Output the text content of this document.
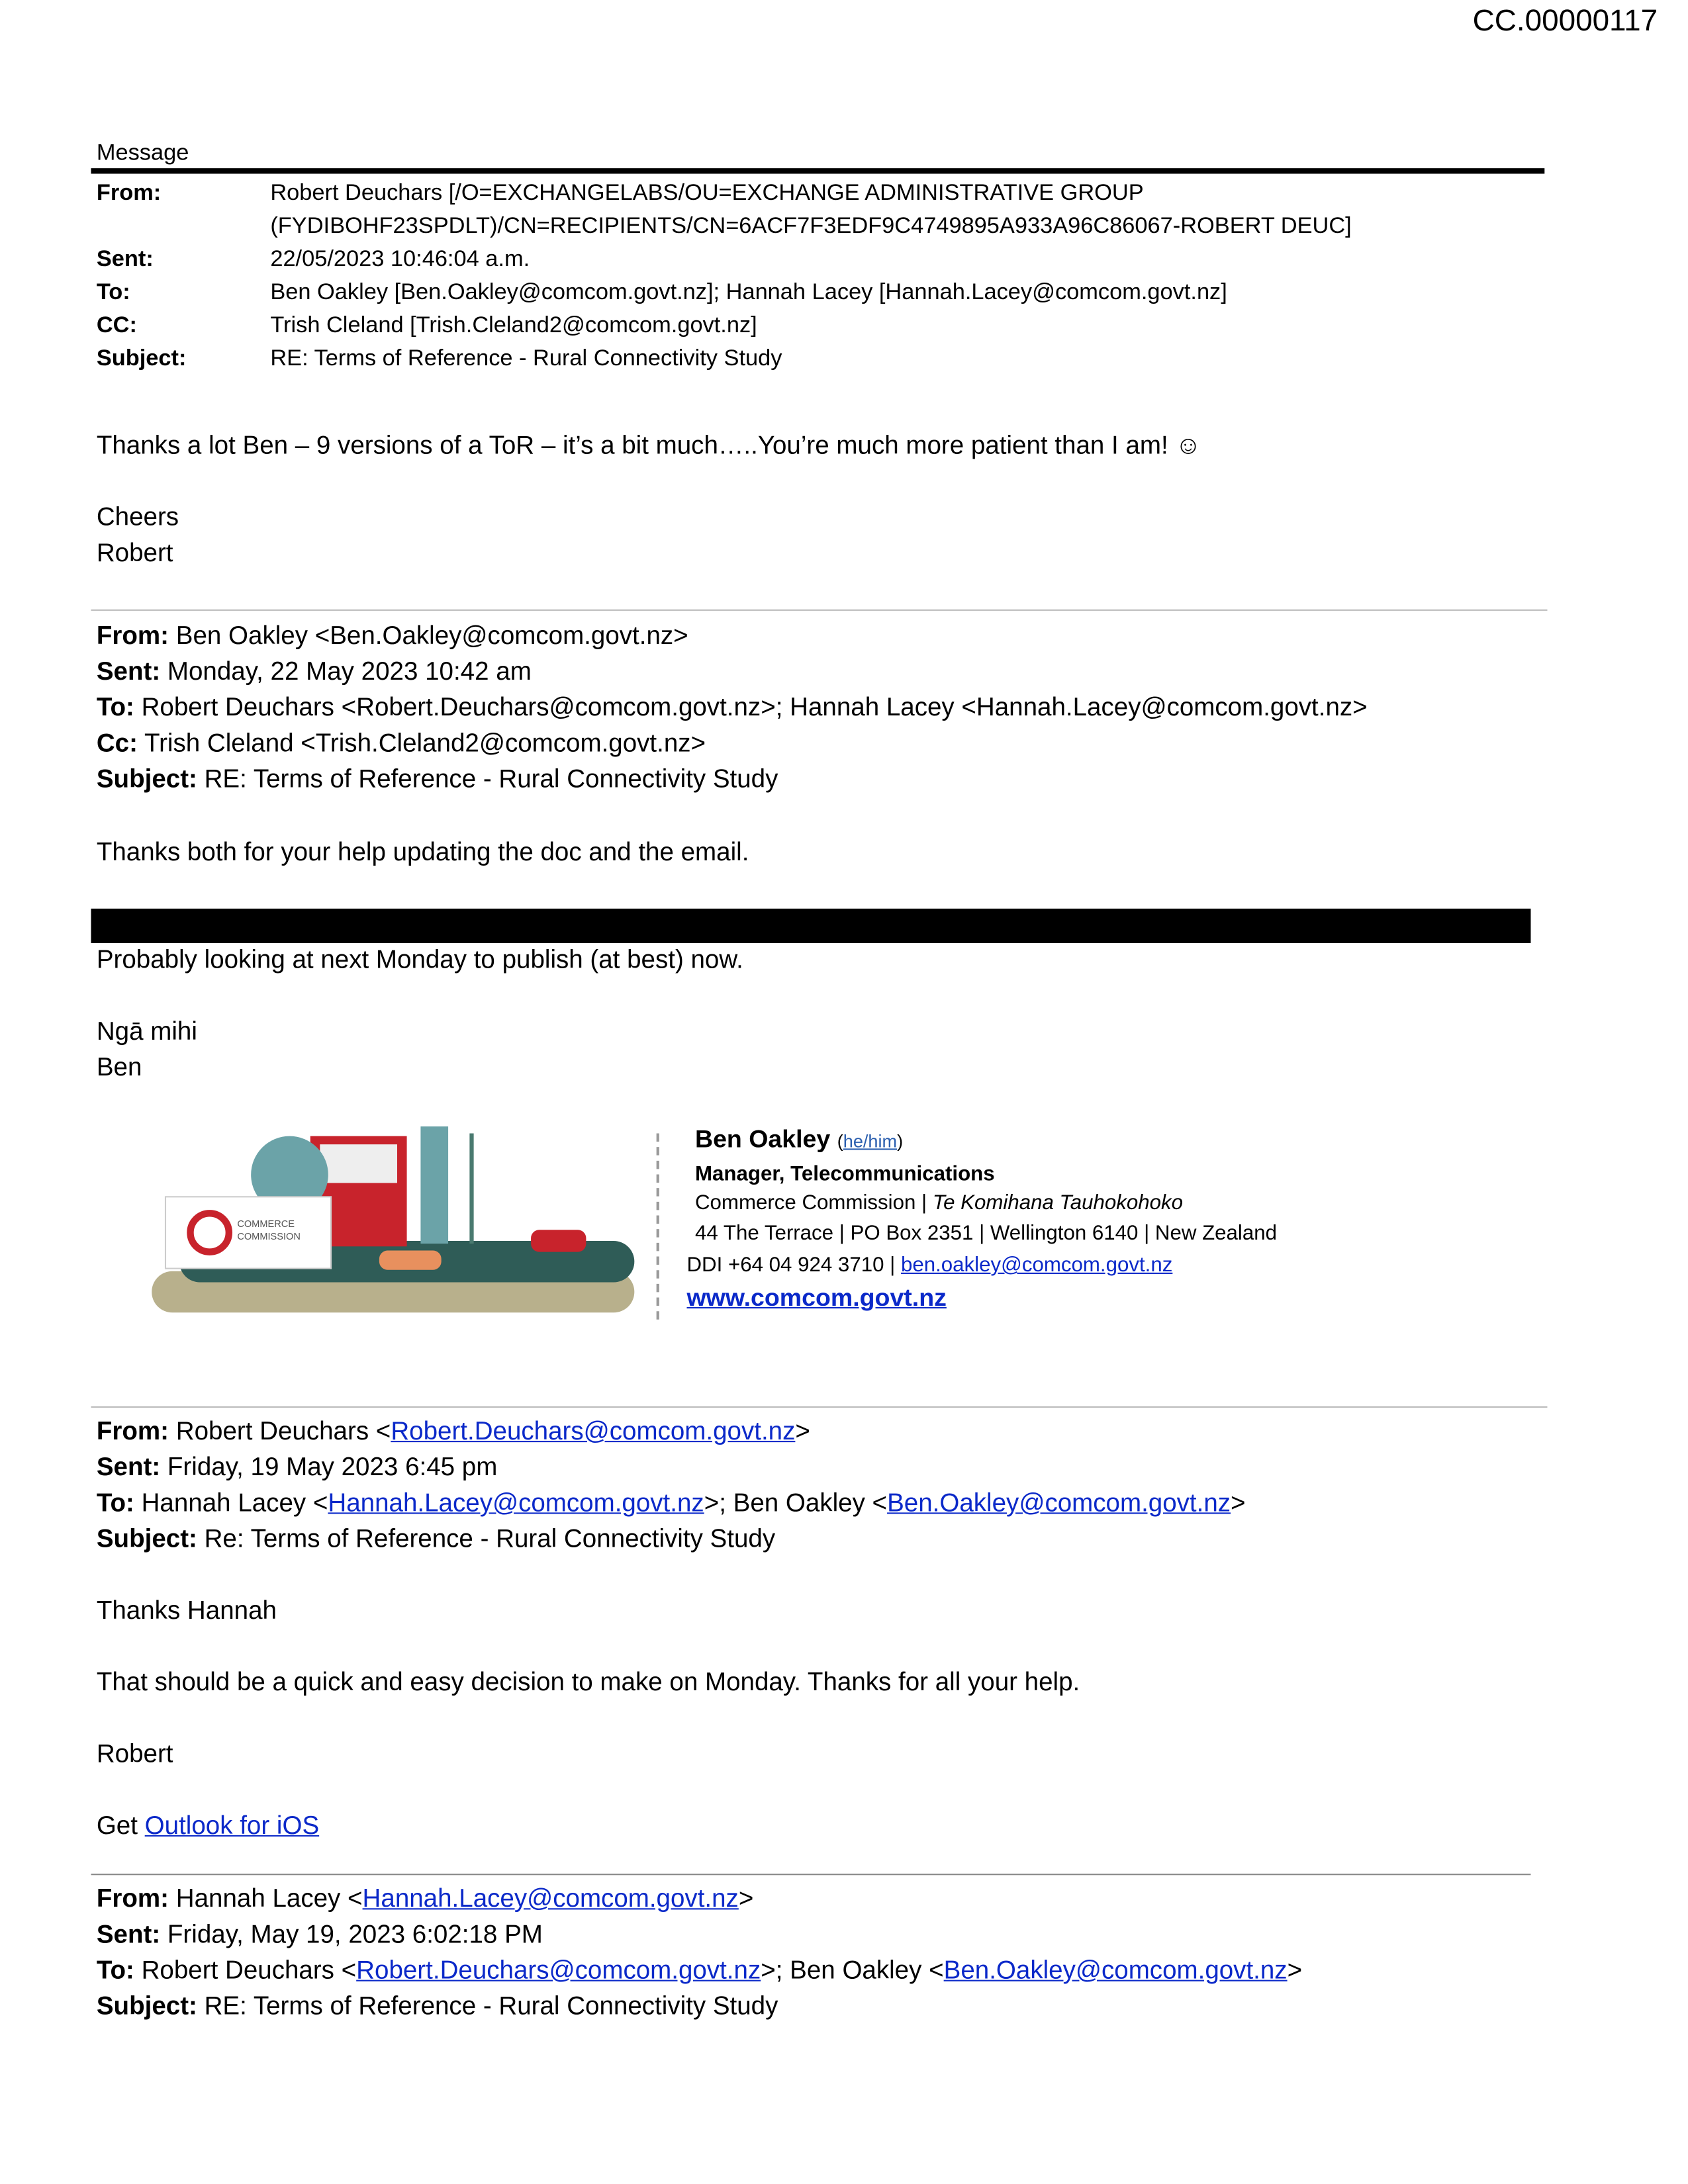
CC.00000117
Message
From:	Robert Deuchars [/O=EXCHANGELABS/OU=EXCHANGE ADMINISTRATIVE GROUP
(FYDIBOHF23SPDLT)/CN=RECIPIENTS/CN=6ACF7F3EDF9C4749895A933A96C86067-ROBERT DEUC]
Sent:	22/05/2023 10:46:04 a.m.
To:	Ben Oakley [Ben.Oakley@comcom.govt.nz]; Hannah Lacey [Hannah.Lacey@comcom.govt.nz]
CC:	Trish Cleland [Trish.Cleland2@comcom.govt.nz]
Subject:	RE: Terms of Reference - Rural Connectivity Study
Thanks a lot Ben – 9 versions of a ToR – it’s a bit much…..You’re much more patient than I am! ☺
Cheers
Robert
From: Ben Oakley <Ben.Oakley@comcom.govt.nz>
Sent: Monday, 22 May 2023 10:42 am
To: Robert Deuchars <Robert.Deuchars@comcom.govt.nz>; Hannah Lacey <Hannah.Lacey@comcom.govt.nz>
Cc: Trish Cleland <Trish.Cleland2@comcom.govt.nz>
Subject: RE: Terms of Reference - Rural Connectivity Study
Thanks both for your help updating the doc and the email.
Probably looking at next Monday to publish (at best) now.
Ngā mihi
Ben
COMMERCE
COMMISSION
Ben Oakley (he/him)
Manager, Telecommunications
Commerce Commission | Te Komihana Tauhokohoko
44 The Terrace | PO Box 2351 | Wellington 6140 | New Zealand
DDI +64 04 924 3710 | ben.oakley@comcom.govt.nz
www.comcom.govt.nz
From: Robert Deuchars <Robert.Deuchars@comcom.govt.nz>
Sent: Friday, 19 May 2023 6:45 pm
To: Hannah Lacey <Hannah.Lacey@comcom.govt.nz>; Ben Oakley <Ben.Oakley@comcom.govt.nz>
Subject: Re: Terms of Reference - Rural Connectivity Study
Thanks Hannah
That should be a quick and easy decision to make on Monday. Thanks for all your help.
Robert
Get Outlook for iOS
From: Hannah Lacey <Hannah.Lacey@comcom.govt.nz>
Sent: Friday, May 19, 2023 6:02:18 PM
To: Robert Deuchars <Robert.Deuchars@comcom.govt.nz>; Ben Oakley <Ben.Oakley@comcom.govt.nz>
Subject: RE: Terms of Reference - Rural Connectivity Study
